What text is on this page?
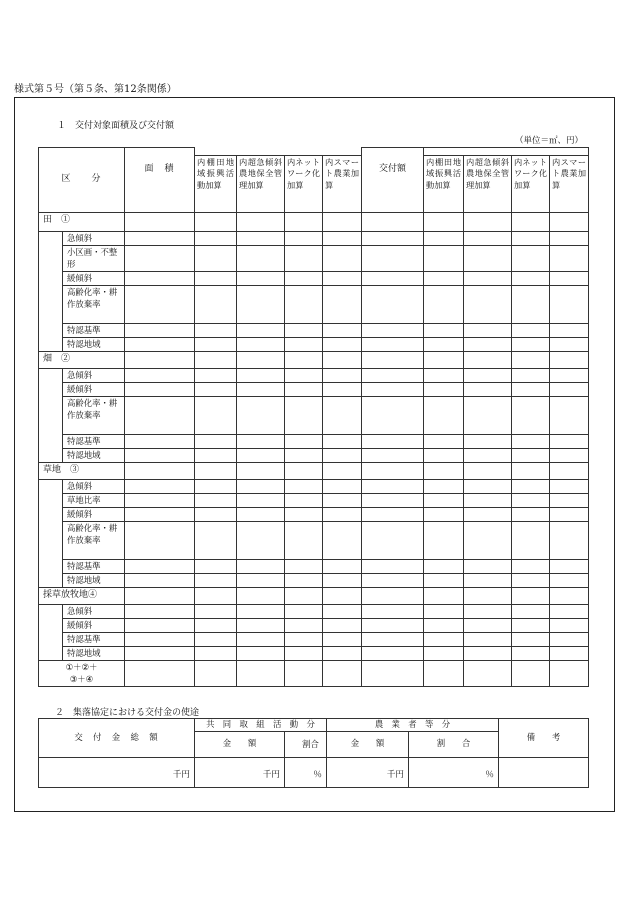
様式第５号（第５条、第12条関係）
１　交付対象面積及び交付額
（単位＝㎡、円）
区　　分		面　積					交付額				
			内棚田地域振興活動加算	内超急傾斜農地保全管理加算	内ネットワーク化加算	内スマート農業加算		内棚田地域振興活動加算	内超急傾斜農地保全管理加算	内ネットワーク化加算	内スマート農業加算
田　①											
	急傾斜										
	小区画・不整形										
	緩傾斜										
	高齢化率・耕作放棄率										
	特認基準										
	特認地域										
畑　②											
	急傾斜										
	緩傾斜										
	高齢化率・耕作放棄率										
	特認基準										
	特認地域										
草地　③											
	急傾斜										
	草地比率										
	緩傾斜										
	高齢化率・耕作放棄率										
	特認基準										
	特認地域										
採草放牧地④											
	急傾斜										
	緩傾斜										
	特認基準										
	特認地域										
①＋②＋
③＋④											
２　集落協定における交付金の使途
交　付　金　総　額	共　同　取　組　活　動　分		農　業　者　等　分		備　　考
	金　　額	割合	金　　額	割　　合	
千円	千円	％	千円	％	
